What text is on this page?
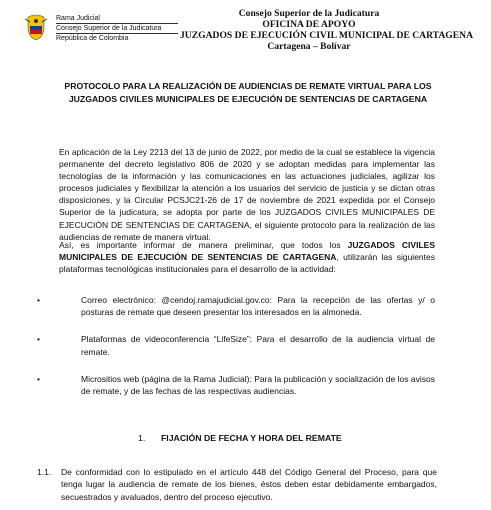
Rama Judicial
Consejo Superior de la Judicatura
República de Colombia
Consejo Superior de la Judicatura
OFICINA DE APOYO
JUZGADOS DE EJECUCIÓN CIVIL MUNICIPAL DE CARTAGENA
Cartagena – Bolívar
PROTOCOLO PARA LA REALIZACIÓN DE AUDIENCIAS DE REMATE VIRTUAL PARA LOS
JUZGADOS CIVILES MUNICIPALES DE EJECUCIÓN DE SENTENCIAS DE CARTAGENA
En aplicación de la Ley 2213 del 13 de junio de 2022, por medio de la cual se establece la vigencia permanente del decreto legislativo 806 de 2020 y se adoptan medidas para implementar las tecnologías de la información y las comunicaciones en las actuaciones judiciales, agilizar los procesos judiciales y flexibilizar la atención a los usuarios del servicio de justicia y se dictan otras disposiciones, y la Circular PCSJC21-26 de 17 de noviembre de 2021 expedida por el Consejo Superior de la judicatura, se adopta por parte de los JUZGADOS CIVILES MUNICIPALES DE EJECUCIÓN DE SENTENCIAS DE CARTAGENA, el siguiente protocolo para la realización de las audiencias de remate de manera virtual.
Así, es importante informar de manera preliminar, que todos los JUZGADOS CIVILES MUNICIPALES DE EJECUCIÓN DE SENTENCIAS DE CARTAGENA, utilizarán las siguientes plataformas tecnológicas institucionales para el desarrollo de la actividad:
•	Correo electrónico: @cendoj.ramajudicial.gov.co: Para la recepción de las ofertas y/ o posturas de remate que deseen presentar los interesados en la almoneda.
•	Plataformas de videoconferencia “LifeSize”: Para el desarrollo de la audiencia virtual de remate.
•	Micrositios web (página de la Rama Judicial): Para la publicación y socialización de los avisos de remate, y de las fechas de las respectivas audiencias.
1. FIJACIÓN DE FECHA Y HORA DEL REMATE
1.1. De conformidad con lo estipulado en el artículo 448 del Código General del Proceso, para que tenga lugar la audiencia de remate de los bienes, éstos deben estar debidamente embargados, secuestrados y avaluados, dentro del proceso ejecutivo.
